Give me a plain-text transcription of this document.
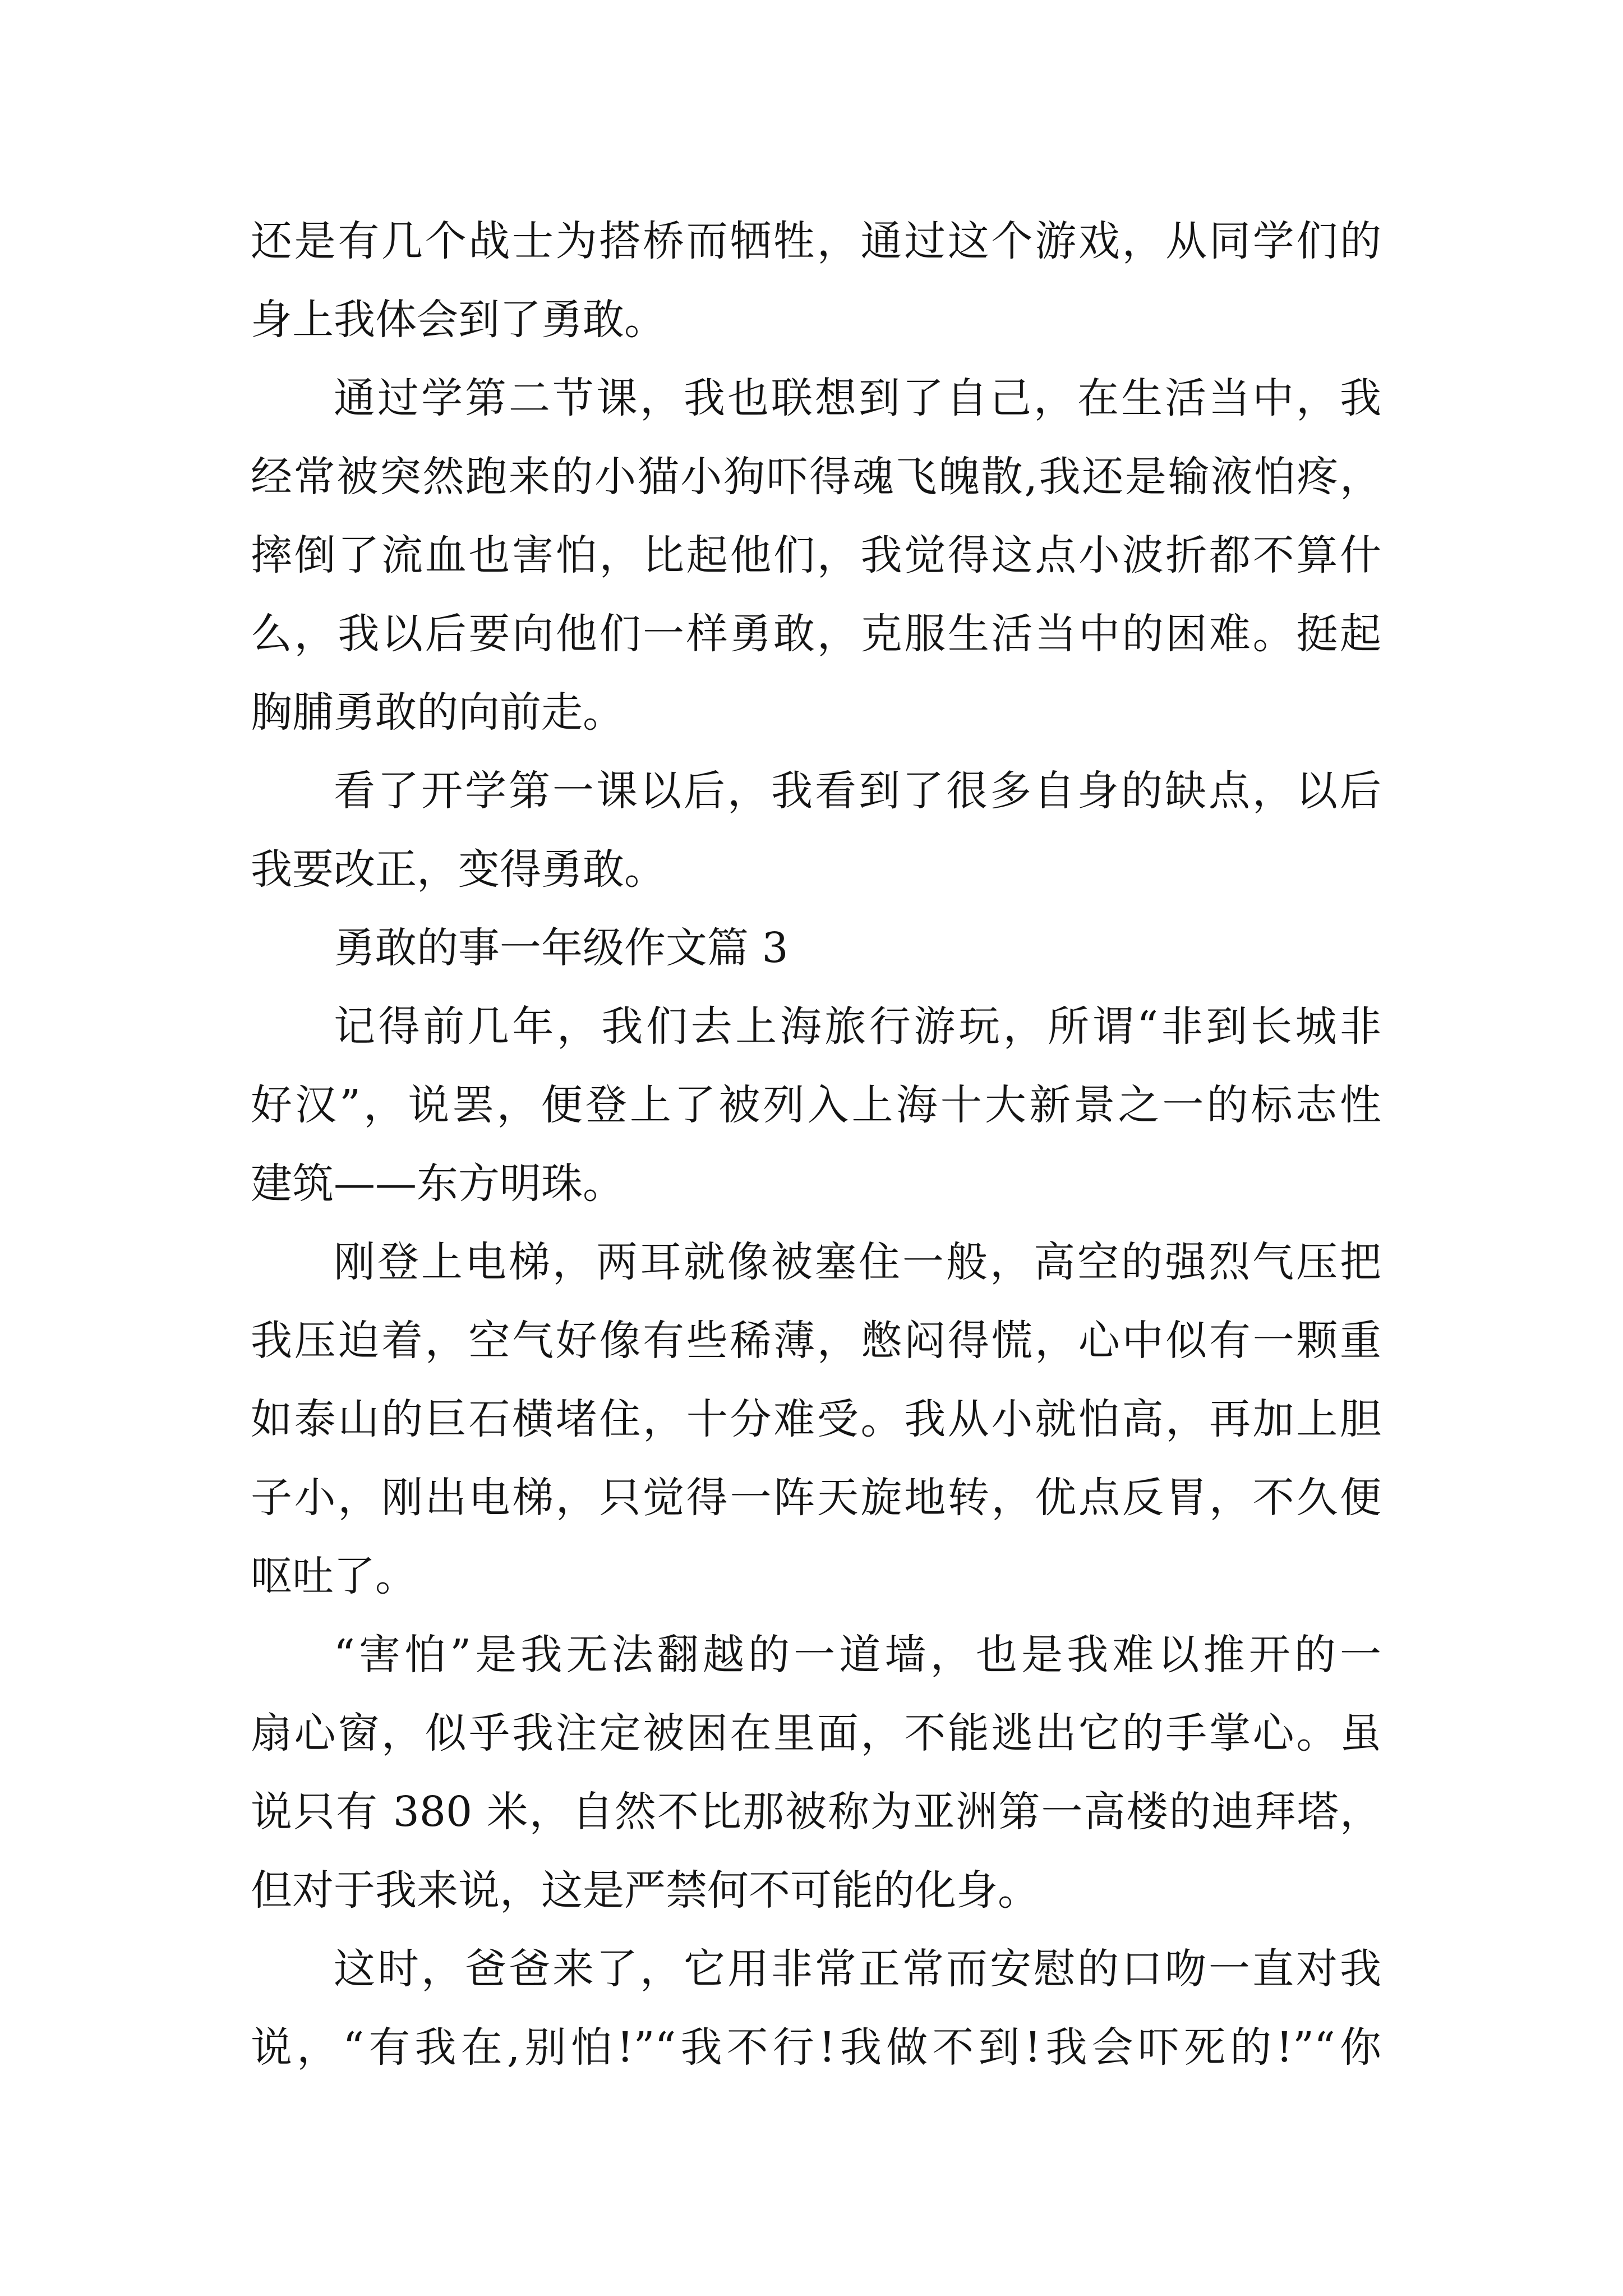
还是有几个战士为搭桥而牺牲，通过这个游戏，从同学们的
身上我体会到了勇敢。
通过学第二节课，我也联想到了自己，在生活当中，我
经常被突然跑来的小猫小狗吓得魂飞魄散,我还是输液怕疼，
摔倒了流血也害怕，比起他们，我觉得这点小波折都不算什
么，我以后要向他们一样勇敢，克服生活当中的困难。挺起
胸脯勇敢的向前走。
看了开学第一课以后，我看到了很多自身的缺点，以后
我要改正，变得勇敢。
勇敢的事一年级作文篇 3
记得前几年，我们去上海旅行游玩，所谓“非到长城非
好汉”，说罢，便登上了被列入上海十大新景之一的标志性
建筑——东方明珠。
刚登上电梯，两耳就像被塞住一般，高空的强烈气压把
我压迫着，空气好像有些稀薄，憋闷得慌，心中似有一颗重
如泰山的巨石横堵住，十分难受。我从小就怕高，再加上胆
子小，刚出电梯，只觉得一阵天旋地转，优点反胃，不久便
呕吐了。
“害怕”是我无法翻越的一道墙，也是我难以推开的一
扇心窗，似乎我注定被困在里面，不能逃出它的手掌心。虽
说只有 380 米，自然不比那被称为亚洲第一高楼的迪拜塔，
但对于我来说，这是严禁何不可能的化身。
这时，爸爸来了，它用非常正常而安慰的口吻一直对我
说，“有我在,别怕!”“我不行!我做不到!我会吓死的!”“你
